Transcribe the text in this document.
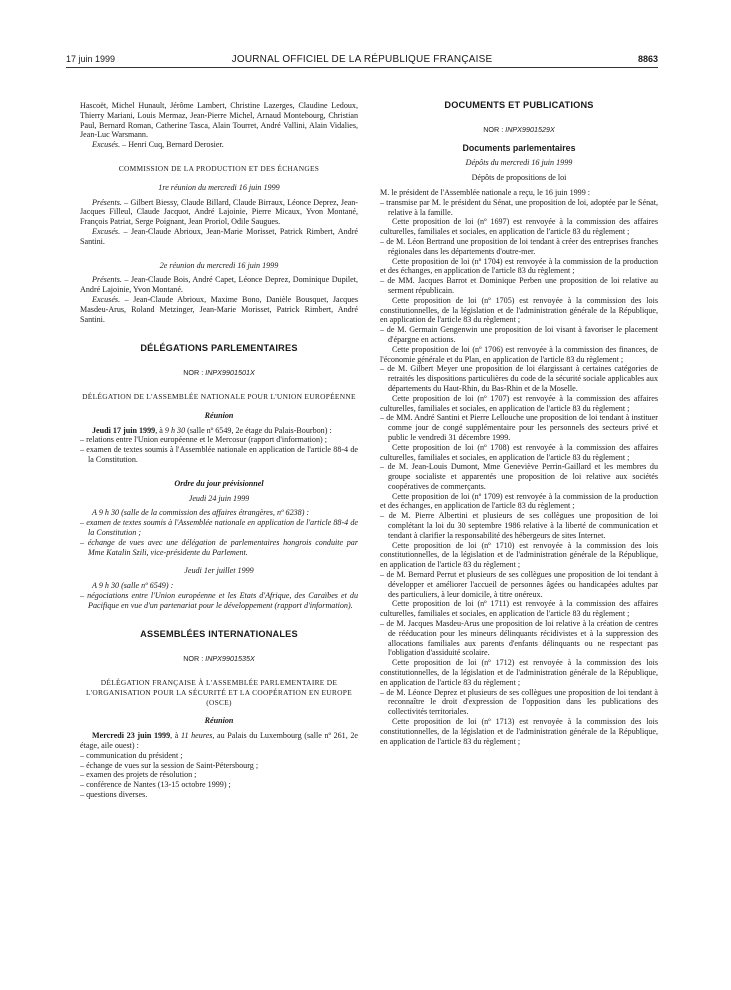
17 juin 1999	JOURNAL OFFICIEL DE LA RÉPUBLIQUE FRANÇAISE	8863

Hascoët, Michel Hunault, Jérôme Lambert, Christine Lazerges, Claudine Ledoux, Thierry Mariani, Louis Mermaz, Jean-Pierre Michel, Arnaud Montebourg, Christian Paul, Bernard Roman, Catherine Tasca, Alain Tourret, André Vallini, Alain Vidalies, Jean-Luc Warsmann.

Excusés. – Henri Cuq, Bernard Derosier.

COMMISSION DE LA PRODUCTION ET DES ÉCHANGES

1re réunion du mercredi 16 juin 1999

Présents. – Gilbert Biessy, Claude Billard, Claude Birraux, Léonce Deprez, Jean-Jacques Filleul, Claude Jacquot, André Lajoinie, Pierre Micaux, Yvon Montané, François Patriat, Serge Poignant, Jean Proriol, Odile Saugues.

Excusés. – Jean-Claude Abrioux, Jean-Marie Morisset, Patrick Rimbert, André Santini.

2e réunion du mercredi 16 juin 1999

Présents. – Jean-Claude Bois, André Capet, Léonce Deprez, Dominique Dupilet, André Lajoinie, Yvon Montané.

Excusés. – Jean-Claude Abrioux, Maxime Bono, Danièle Bousquet, Jacques Masdeu-Arus, Roland Metzinger, Jean-Marie Morisset, Patrick Rimbert, André Santini.

DÉLÉGATIONS PARLEMENTAIRES

NOR : INPX9901501X

DÉLÉGATION DE L'ASSEMBLÉE NATIONALE POUR L'UNION EUROPÉENNE

Réunion

Jeudi 17 juin 1999, à 9 h 30 (salle nº 6549, 2e étage du Palais-Bourbon) :

– relations entre l'Union européenne et le Mercosur (rapport d'information) ;

– examen de textes soumis à l'Assemblée nationale en application de l'article 88-4 de la Constitution.

Ordre du jour prévisionnel

Jeudi 24 juin 1999

A 9 h 30 (salle de la commission des affaires étrangères, nº 6238) :

– examen de textes soumis à l'Assemblée nationale en application de l'article 88-4 de la Constitution ;

– échange de vues avec une délégation de parlementaires hongrois conduite par Mme Katalin Szili, vice-présidente du Parlement.

Jeudi 1er juillet 1999

A 9 h 30 (salle nº 6549) :

– négociations entre l'Union européenne et les Etats d'Afrique, des Caraïbes et du Pacifique en vue d'un partenariat pour le développement (rapport d'information).

ASSEMBLÉES INTERNATIONALES

NOR : INPX9901535X

DÉLÉGATION FRANÇAISE À L'ASSEMBLÉE PARLEMENTAIRE DE L'ORGANISATION POUR LA SÉCURITÉ ET LA COOPÉRATION EN EUROPE (OSCE)

Réunion

Mercredi 23 juin 1999, à 11 heures, au Palais du Luxembourg (salle nº 261, 2e étage, aile ouest) :

– communication du président ;

– échange de vues sur la session de Saint-Pétersbourg ;

– examen des projets de résolution ;

– conférence de Nantes (13-15 octobre 1999) ;

– questions diverses.

DOCUMENTS ET PUBLICATIONS

NOR : INPX9901529X

Documents parlementaires

Dépôts du mercredi 16 juin 1999

Dépôts de propositions de loi

M. le président de l'Assemblée nationale a reçu, le 16 juin 1999 :

– transmise par M. le président du Sénat, une proposition de loi, adoptée par le Sénat, relative à la famille.

Cette proposition de loi (nº 1697) est renvoyée à la commission des affaires culturelles, familiales et sociales, en application de l'article 83 du règlement ;

– de M. Léon Bertrand une proposition de loi tendant à créer des entreprises franches régionales dans les départements d'outre-mer.

Cette proposition de loi (nº 1704) est renvoyée à la commission de la production et des échanges, en application de l'article 83 du règlement ;

– de MM. Jacques Barrot et Dominique Perben une proposition de loi relative au serment républicain.

Cette proposition de loi (nº 1705) est renvoyée à la commission des lois constitutionnelles, de la législation et de l'administration générale de la République, en application de l'article 83 du règlement ;

– de M. Germain Gengenwin une proposition de loi visant à favoriser le placement d'épargne en actions.

Cette proposition de loi (nº 1706) est renvoyée à la commission des finances, de l'économie générale et du Plan, en application de l'article 83 du règlement ;

– de M. Gilbert Meyer une proposition de loi élargissant à certaines catégories de retraités les dispositions particulières du code de la sécurité sociale applicables aux départements du Haut-Rhin, du Bas-Rhin et de la Moselle.

Cette proposition de loi (nº 1707) est renvoyée à la commission des affaires culturelles, familiales et sociales, en application de l'article 83 du règlement ;

– de MM. André Santini et Pierre Lellouche une proposition de loi tendant à instituer comme jour de congé supplémentaire pour les personnels des secteurs privé et public le vendredi 31 décembre 1999.

Cette proposition de loi (nº 1708) est renvoyée à la commission des affaires culturelles, familiales et sociales, en application de l'article 83 du règlement ;

– de M. Jean-Louis Dumont, Mme Geneviève Perrin-Gaillard et les membres du groupe socialiste et apparentés une proposition de loi relative aux sociétés coopératives de commerçants.

Cette proposition de loi (nº 1709) est renvoyée à la commission de la production et des échanges, en application de l'article 83 du règlement ;

– de M. Pierre Albertini et plusieurs de ses collègues une proposition de loi complétant la loi du 30 septembre 1986 relative à la liberté de communication et tendant à clarifier la responsabilité des hébergeurs de sites Internet.

Cette proposition de loi (nº 1710) est renvoyée à la commission des lois constitutionnelles, de la législation et de l'administration générale de la République, en application de l'article 83 du règlement ;

– de M. Bernard Perrut et plusieurs de ses collègues une proposition de loi tendant à développer et améliorer l'accueil de personnes âgées ou handicapées adultes par des particuliers, à leur domicile, à titre onéreux.

Cette proposition de loi (nº 1711) est renvoyée à la commission des affaires culturelles, familiales et sociales, en application de l'article 83 du règlement ;

– de M. Jacques Masdeu-Arus une proposition de loi relative à la création de centres de rééducation pour les mineurs délinquants récidivistes et à la suppression des allocations familiales aux parents d'enfants délinquants ou ne respectant pas l'obligation d'assiduité scolaire.

Cette proposition de loi (nº 1712) est renvoyée à la commission des lois constitutionnelles, de la législation et de l'administration générale de la République, en application de l'article 83 du règlement ;

– de M. Léonce Deprez et plusieurs de ses collègues une proposition de loi tendant à reconnaître le droit d'expression de l'opposition dans les publications des collectivités territoriales.

Cette proposition de loi (nº 1713) est renvoyée à la commission des lois constitutionnelles, de la législation et de l'administration générale de la République, en application de l'article 83 du règlement ;
